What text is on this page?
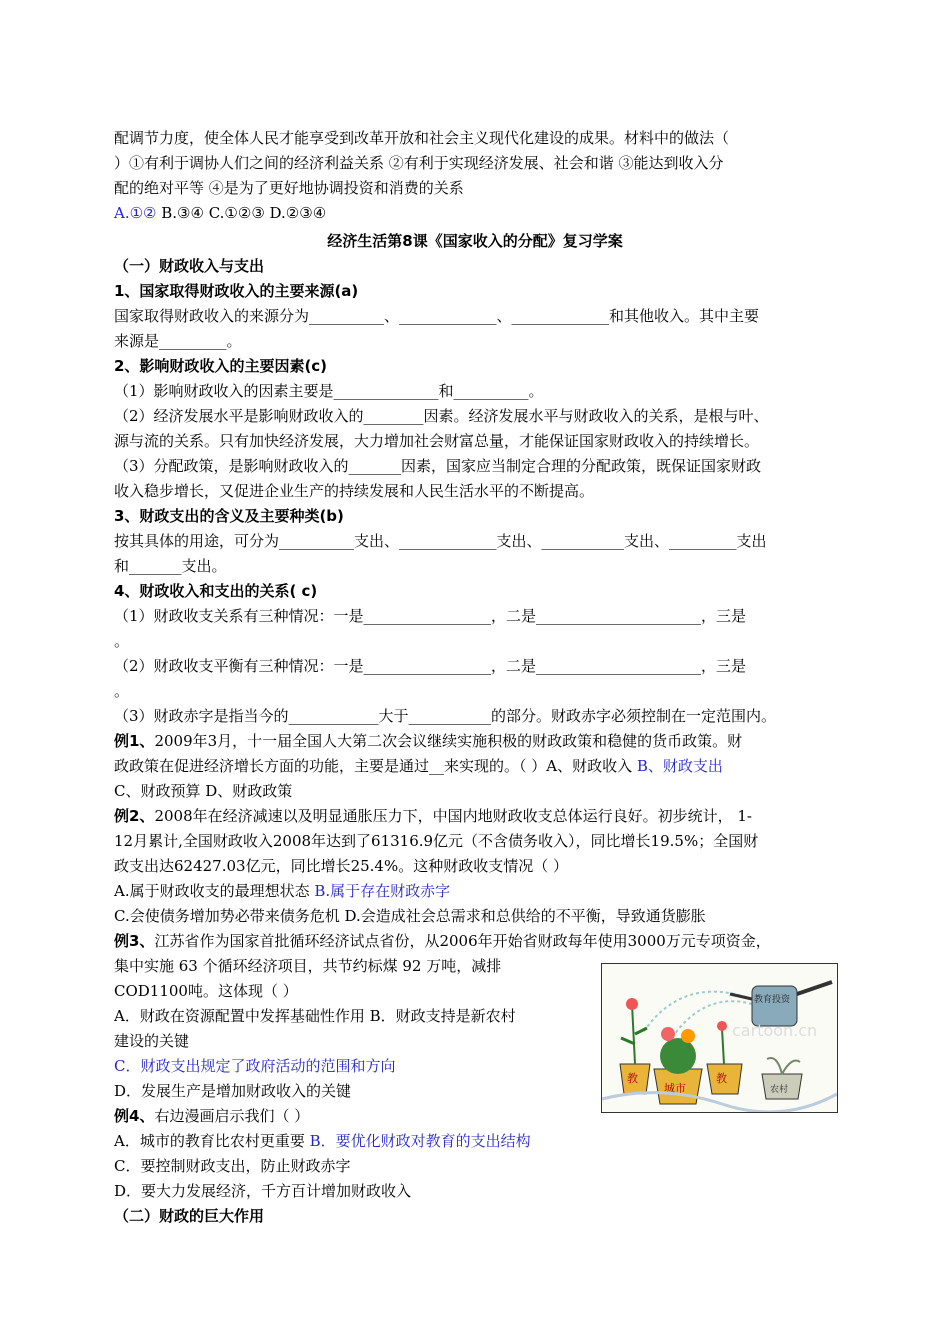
配调节力度，使全体人民才能享受到改革开放和社会主义现代化建设的成果。材料中的做法（
）①有利于调协人们之间的经济利益关系 ②有利于实现经济发展、社会和谐 ③能达到收入分
配的绝对平等 ④是为了更好地协调投资和消费的关系
A.①② B.③④ C.①②③ D.②③④
经济生活第8课《国家收入的分配》复习学案
（一）财政收入与支出
1、国家取得财政收入的主要来源(a)
国家取得财政收入的来源分为__________、_____________、_____________和其他收入。其中主要
来源是_________。
2、影响财政收入的主要因素(c)
（1）影响财政收入的因素主要是______________和__________。
（2）经济发展水平是影响财政收入的________因素。经济发展水平与财政收入的关系，是根与叶、
源与流的关系。只有加快经济发展，大力增加社会财富总量，才能保证国家财政收入的持续增长。
（3）分配政策，是影响财政收入的_______因素，国家应当制定合理的分配政策，既保证国家财政
收入稳步增长，又促进企业生产的持续发展和人民生活水平的不断提高。
3、财政支出的含义及主要种类(b)
按其具体的用途，可分为__________支出、_____________支出、___________支出、_________支出
和_______支出。
4、财政收入和支出的关系( c)
（1）财政收支关系有三种情况：一是_________________，二是______________________，三是
。
（2）财政收支平衡有三种情况：一是_________________，二是______________________，三是
。
（3）财政赤字是指当今的____________大于___________的部分。财政赤字必须控制在一定范围内。
例1、2009年3月，十一届全国人大第二次会议继续实施积极的财政政策和稳健的货币政策。财
政政策在促进经济增长方面的功能，主要是通过__来实现的。（ ）A、财政收入 B、财政支出
C、财政预算 D、财政政策
例2、2008年在经济减速以及明显通胀压力下，中国内地财政收支总体运行良好。初步统计， 1-
12月累计,全国财政收入2008年达到了61316.9亿元（不含债务收入），同比增长19.5%；全国财
政支出达62427.03亿元，同比增长25.4%。这种财政收支情况（ ）
A.属于财政收支的最理想状态 B.属于存在财政赤字
C.会使债务增加势必带来债务危机 D.会造成社会总需求和总供给的不平衡，导致通货膨胀
例3、江苏省作为国家首批循环经济试点省份，从2006年开始省财政每年使用3000万元专项资金，
集中实施 63 个循环经济项目，共节约标煤 92 万吨，减排
COD1100吨。这体现（ ）
A．财政在资源配置中发挥基础性作用 B．财政支持是新农村
建设的关键
C．财政支出规定了政府活动的范围和方向
D．发展生产是增加财政收入的关键
例4、右边漫画启示我们（ ）
A．城市的教育比农村更重要 B．要优化财政对教育的支出结构
C．要控制财政支出，防止财政赤字
D．要大力发展经济，千方百计增加财政收入
（二）财政的巨大作用
教育投资
教
城市
教
农村
cartoon.cn
